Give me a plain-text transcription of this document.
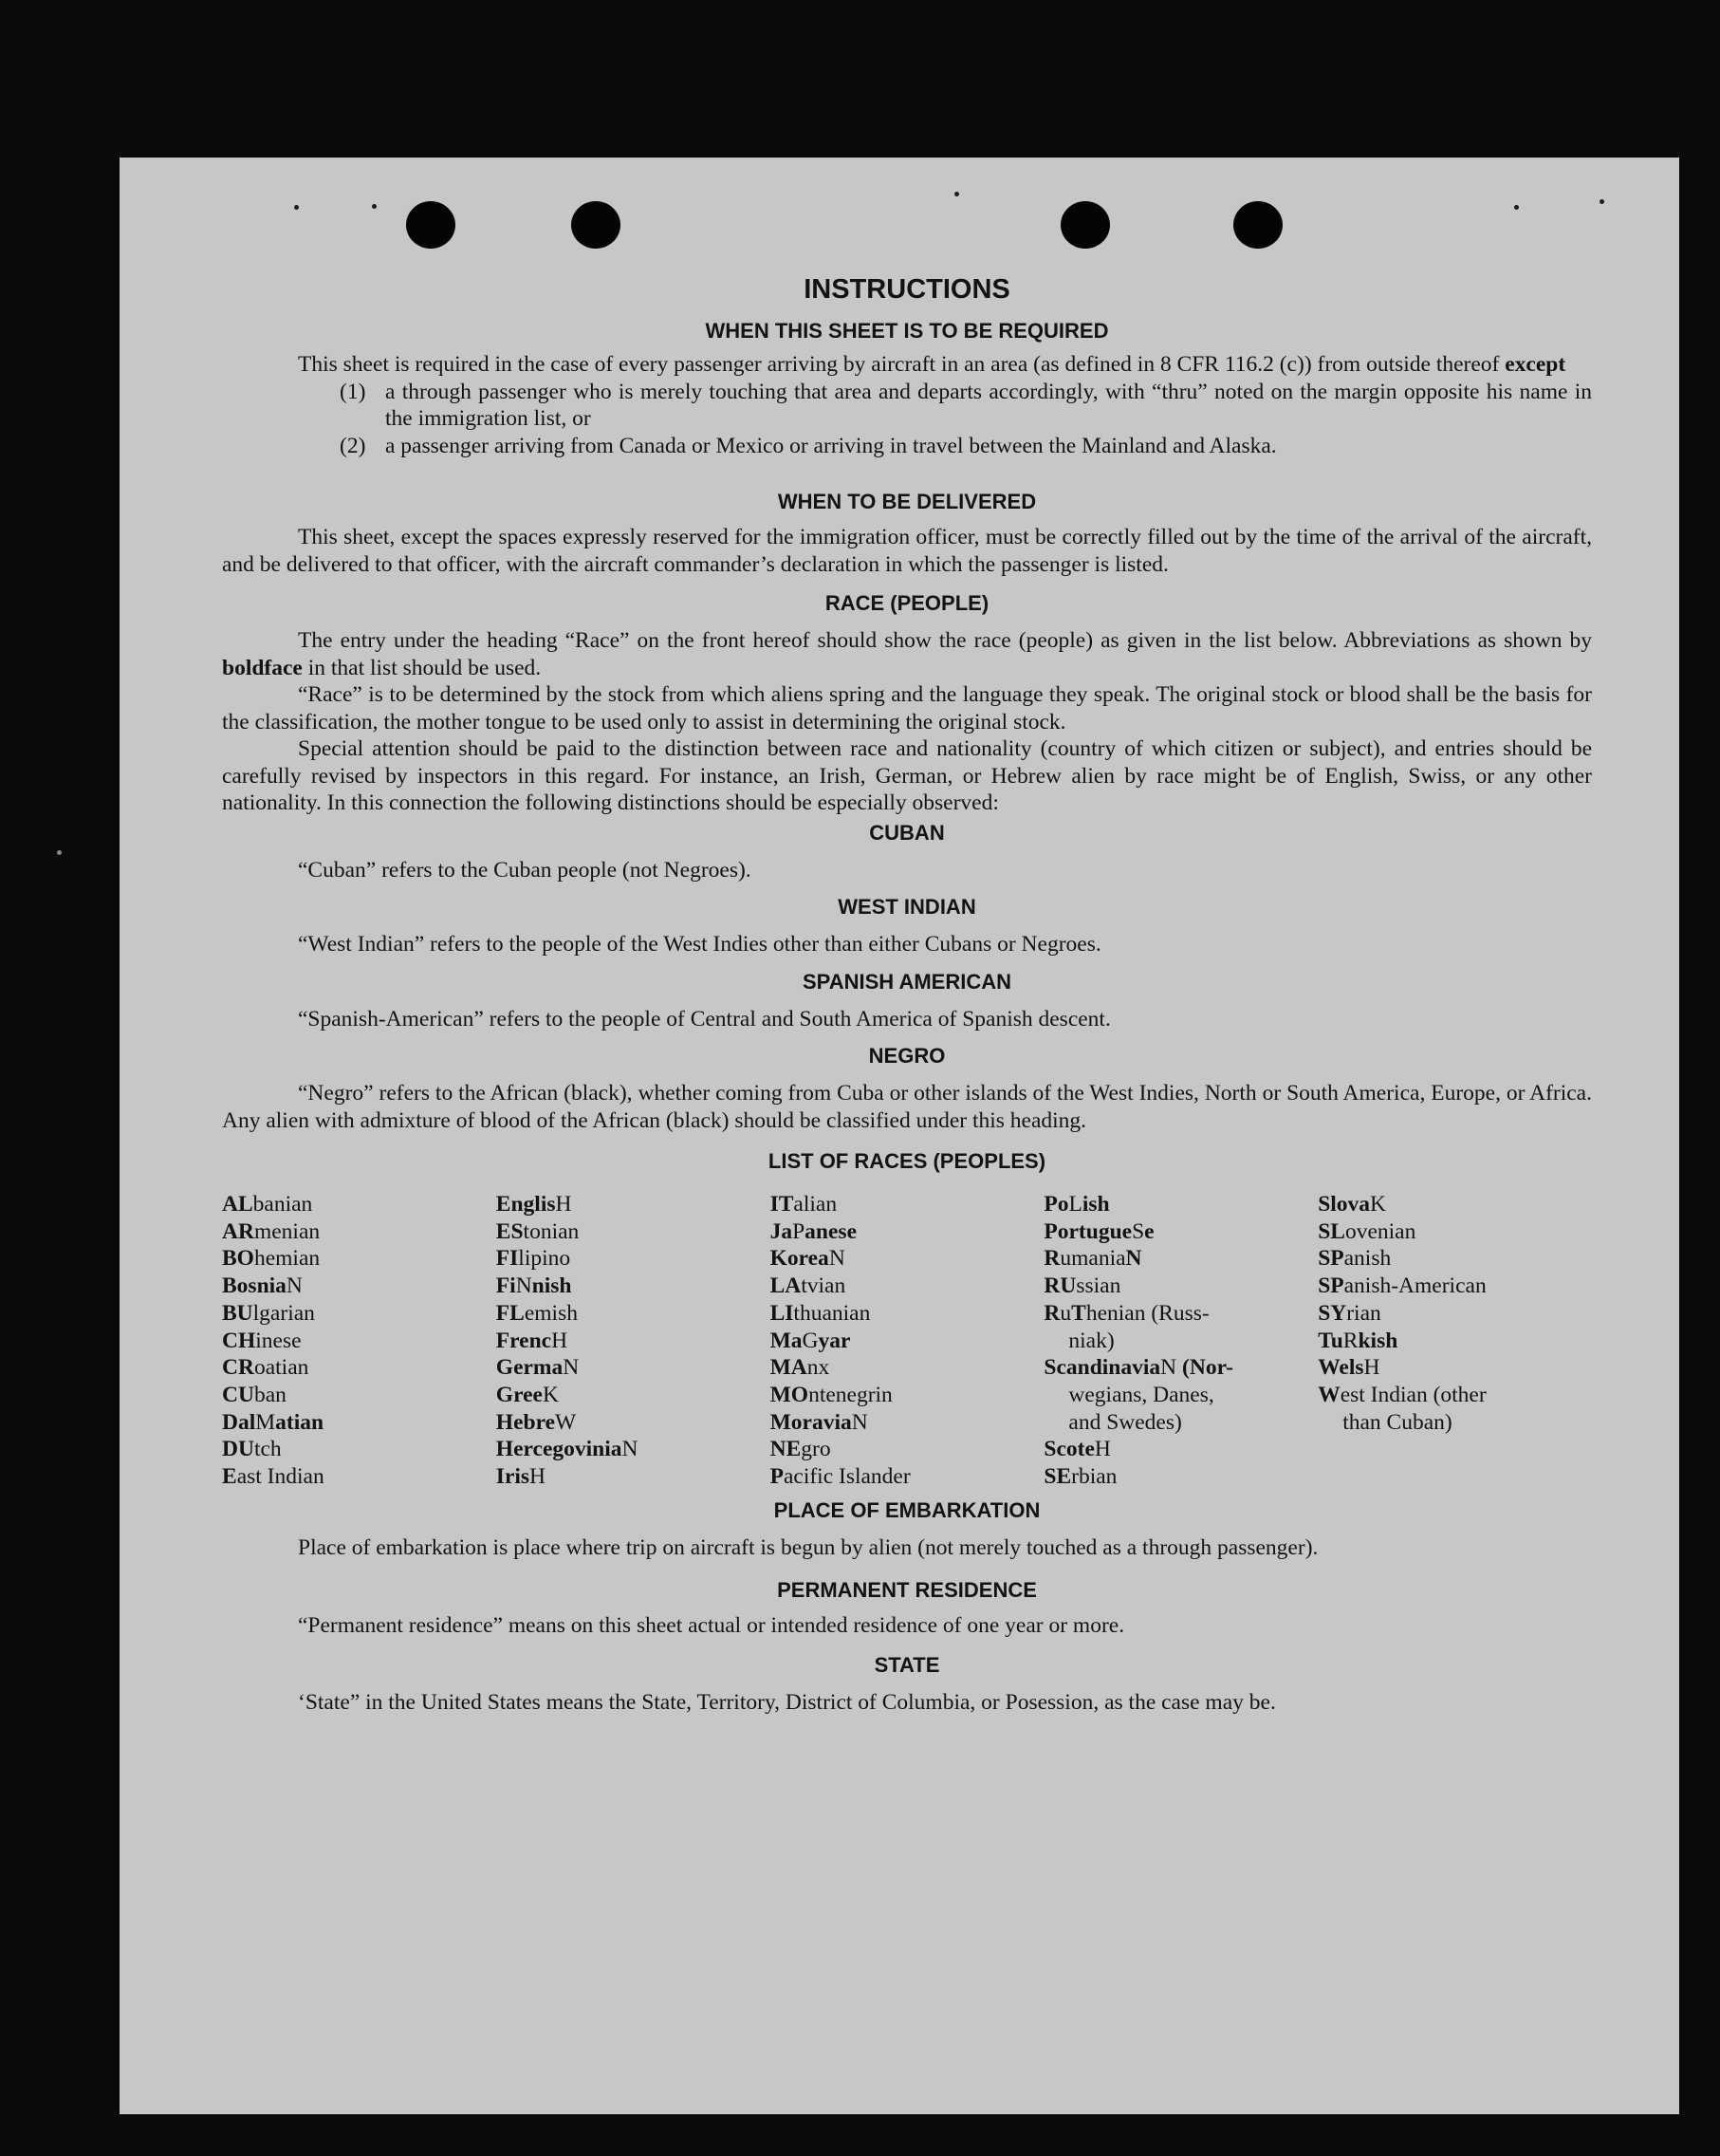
INSTRUCTIONS
WHEN THIS SHEET IS TO BE REQUIRED

This sheet is required in the case of every passenger arriving by aircraft in an area (as defined in 8 CFR 116.2 (c)) from outside thereof except

(1) a through passenger who is merely touching that area and departs accordingly, with “thru” noted on the margin opposite his name in the immigration list, or
(2) a passenger arriving from Canada or Mexico or arriving in travel between the Mainland and Alaska.
WHEN TO BE DELIVERED

This sheet, except the spaces expressly reserved for the immigration officer, must be correctly filled out by the time of the arrival of the aircraft, and be delivered to that officer, with the aircraft commander’s declaration in which the passenger is listed.

RACE (PEOPLE)

The entry under the heading “Race” on the front hereof should show the race (people) as given in the list below. Abbreviations as shown by boldface in that list should be used.

“Race” is to be determined by the stock from which aliens spring and the language they speak. The original stock or blood shall be the basis for the classification, the mother tongue to be used only to assist in determining the original stock.

Special attention should be paid to the distinction between race and nationality (country of which citizen or subject), and entries should be carefully revised by inspectors in this regard. For instance, an Irish, German, or Hebrew alien by race might be of English, Swiss, or any other nationality. In this connection the following distinctions should be especially observed:

CUBAN

“Cuban” refers to the Cuban people (not Negroes).

WEST INDIAN

“West Indian” refers to the people of the West Indies other than either Cubans or Negroes.

SPANISH AMERICAN

“Spanish-American” refers to the people of Central and South America of Spanish descent.

NEGRO

“Negro” refers to the African (black), whether coming from Cuba or other islands of the West Indies, North or South America, Europe, or Africa. Any alien with admixture of blood of the African (black) should be classified under this heading.

LIST OF RACES (PEOPLES)
ALbanian
ARmenian
BOhemian
BosniaN
BUlgarian
CHinese
CRoatian
CUban
DalMatian
DUtch
East Indian
EnglisH
EStonian
FIlipino
FiNnish
FLemish
FrencH
GermaN
GreeK
HebreW
HercegoviniaN
IrisH
ITalian
JaPanese
KoreaN
LAtvian
LIthuanian
MaGyar
MAnx
MOntenegrin
MoraviaN
NEgro
Pacific Islander
PoLish
PortugueSe
RumaniaN
RUssian
RuThenian (Russ-
niak)
ScandinaviaN (Nor-
wegians, Danes,
and Swedes)
ScoteH
SErbian
SlovaK
SLovenian
SPanish
SPanish-American
SYrian
TuRkish
WelsH
West Indian (other
than Cuban)
PLACE OF EMBARKATION

Place of embarkation is place where trip on aircraft is begun by alien (not merely touched as a through passenger).

PERMANENT RESIDENCE

“Permanent residence” means on this sheet actual or intended residence of one year or more.

STATE

‘State” in the United States means the State, Territory, District of Columbia, or Posession, as the case may be.
